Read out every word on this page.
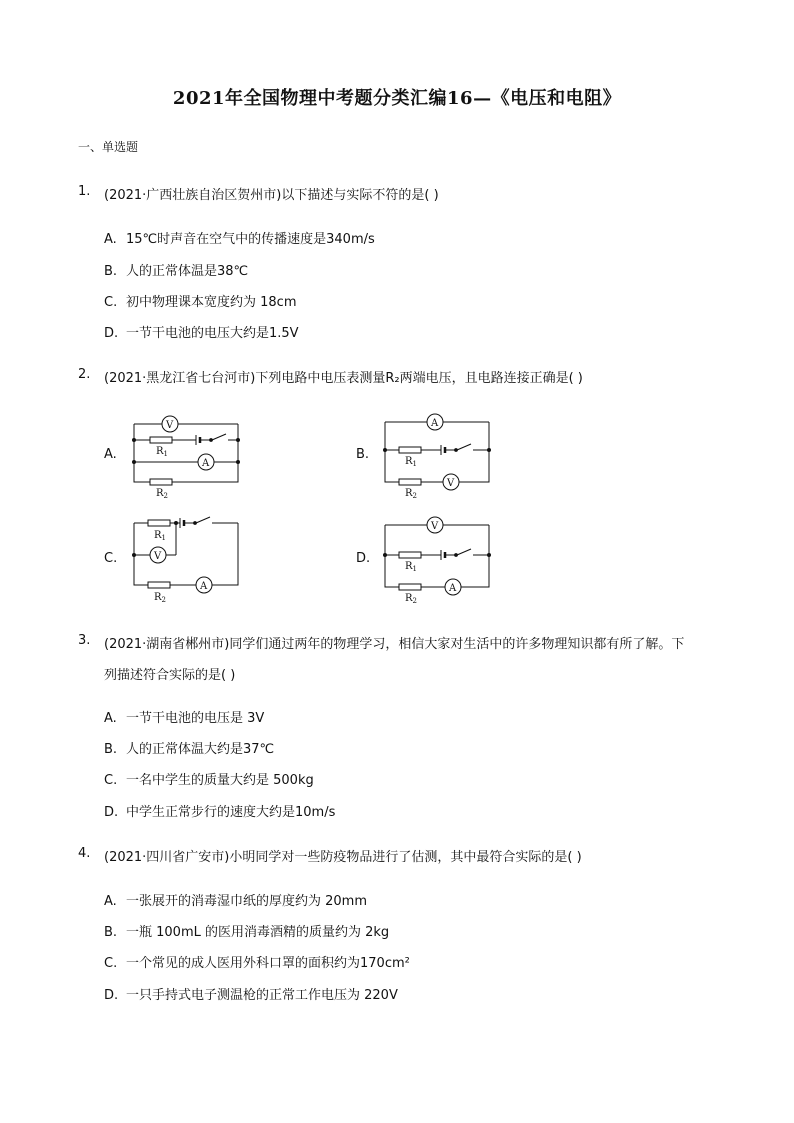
2021年全国物理中考题分类汇编16—《电压和电阻》
一、单选题
1. (2021·广西壮族自治区贺州市)以下描述与实际不符的是( )
A. 15℃时声音在空气中的传播速度是340m/s
B. 人的正常体温是38℃
C. 初中物理课本宽度约为 18cm
D. 一节干电池的电压大约是1.5V
2. (2021·黑龙江省七台河市)下列电路中电压表测量R₂两端电压，且电路连接正确是( )
A.	B.
C.	D.
V
A
$R_1$
$R_2$
A
V
$R_1$
$R_2$
V
A
$R_1$
$R_2$
V
A
$R_1$
$R_2$
3. (2021·湖南省郴州市)同学们通过两年的物理学习，相信大家对生活中的许多物理知识都有所了解。下
列描述符合实际的是( )
A. 一节干电池的电压是 3V
B. 人的正常体温大约是37℃
C. 一名中学生的质量大约是 500kg
D. 中学生正常步行的速度大约是10m/s
4. (2021·四川省广安市)小明同学对一些防疫物品进行了估测，其中最符合实际的是( )
A. 一张展开的消毒湿巾纸的厚度约为 20mm
B. 一瓶 100mL 的医用消毒酒精的质量约为 2kg
C. 一个常见的成人医用外科口罩的面积约为170cm²
D. 一只手持式电子测温枪的正常工作电压为 220V
